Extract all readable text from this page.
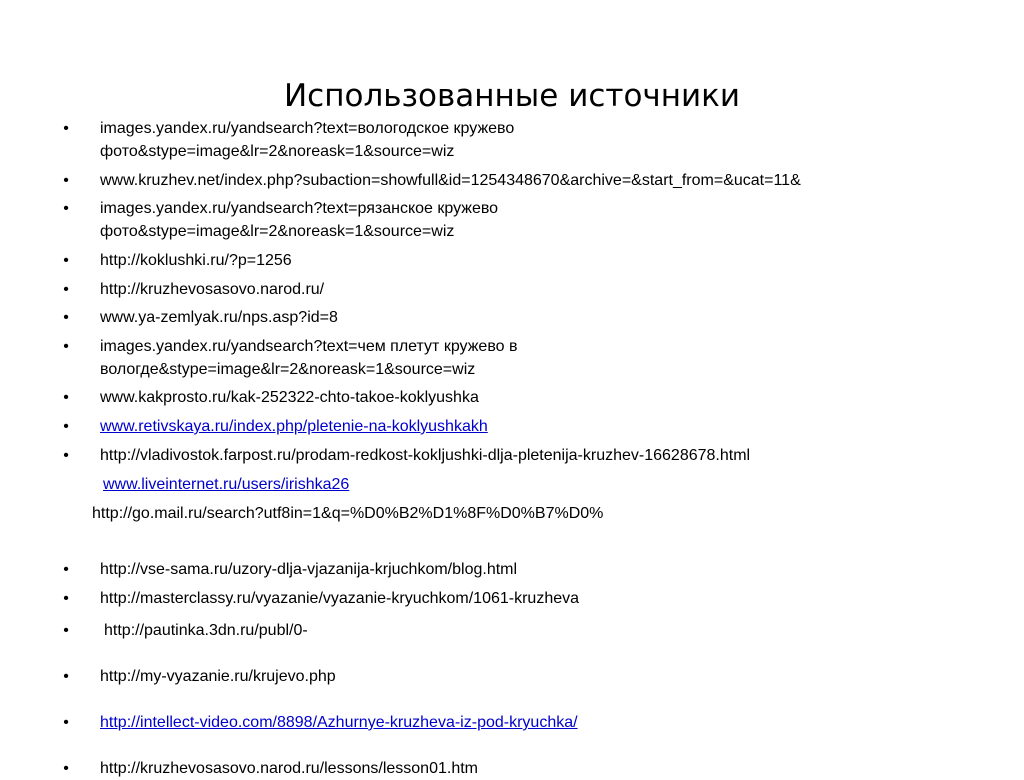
Использованные источники
• images.yandex.ru/yandsearch?text=вологодское кружево
фото&stype=image&lr=2&noreask=1&source=wiz
• www.kruzhev.net/index.php?subaction=showfull&id=1254348670&archive=&start_from=&ucat=11&
• images.yandex.ru/yandsearch?text=рязанское кружево
фото&stype=image&lr=2&noreask=1&source=wiz
• http://koklushki.ru/?p=1256
• http://kruzhevosasovo.narod.ru/
• www.ya-zemlyak.ru/nps.asp?id=8
• images.yandex.ru/yandsearch?text=чем плетут кружево в
вологде&stype=image&lr=2&noreask=1&source=wiz
• www.kakprosto.ru/kak-252322-chto-takoe-koklyushka
• www.retivskaya.ru/index.php/pletenie-na-koklyushkakh
• http://vladivostok.farpost.ru/prodam-redkost-kokljushki-dlja-pletenija-kruzhev-16628678.html
www.liveinternet.ru/users/irishka26
http://go.mail.ru/search?utf8in=1&q=%D0%B2%D1%8F%D0%B7%D0%
• http://vse-sama.ru/uzory-dlja-vjazanija-krjuchkom/blog.html
• http://masterclassy.ru/vyazanie/vyazanie-kryuchkom/1061-kruzheva
• http://pautinka.3dn.ru/publ/0-
• http://my-vyazanie.ru/krujevo.php
• http://intellect-video.com/8898/Azhurnye-kruzheva-iz-pod-kryuchka/
• http://kruzhevosasovo.narod.ru/lessons/lesson01.htm
